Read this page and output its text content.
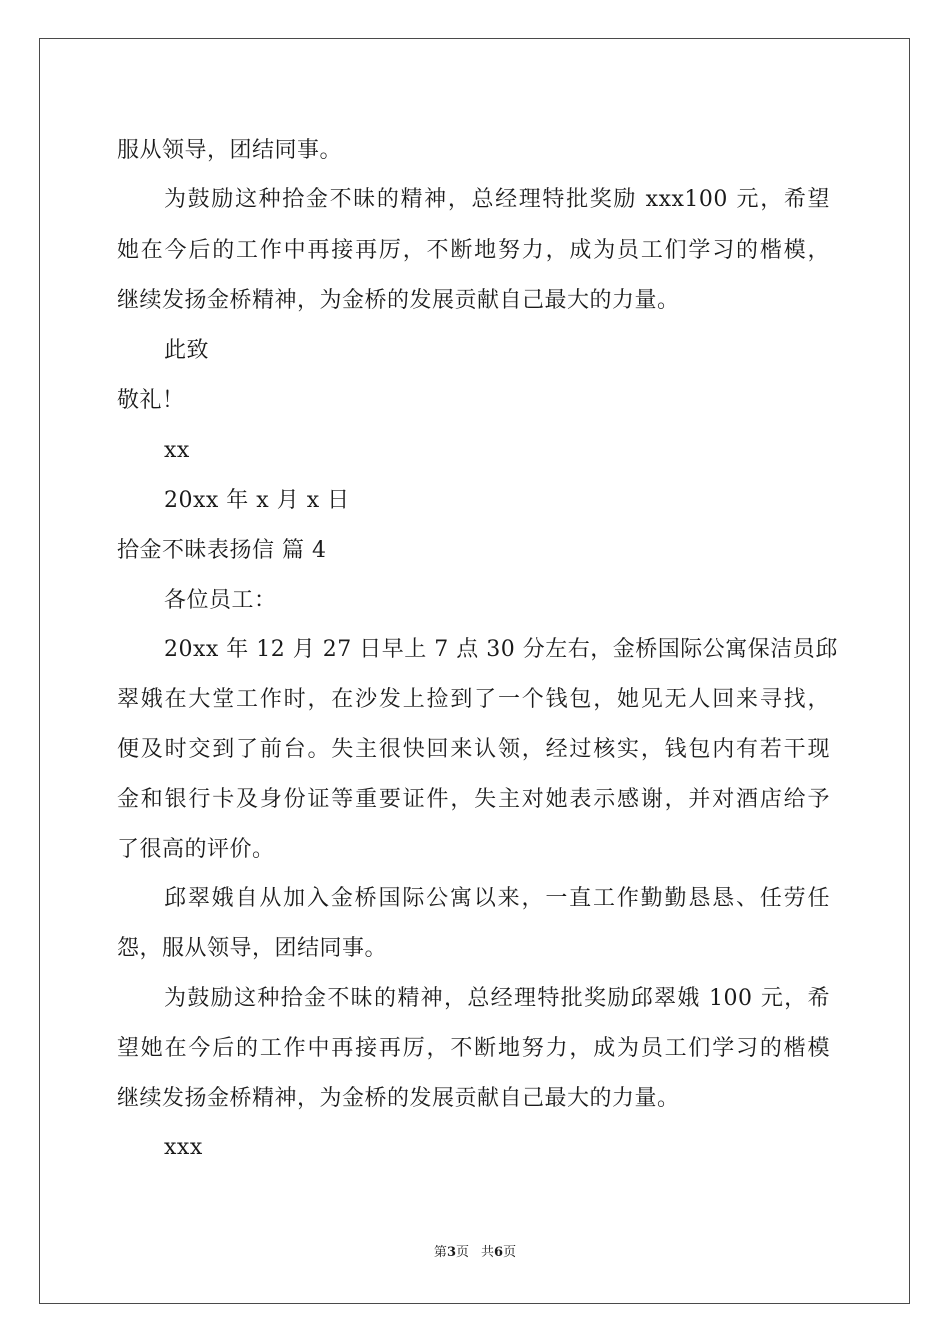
服从领导，团结同事。
为鼓励这种拾金不昧的精神，总经理特批奖励 xxx100 元，希望
她在今后的工作中再接再厉，不断地努力，成为员工们学习的楷模，
继续发扬金桥精神，为金桥的发展贡献自己最大的力量。
此致
敬礼！
xx
20xx 年 x 月 x 日
拾金不昧表扬信 篇 4
各位员工：
20xx 年 12 月 27 日早上 7 点 30 分左右，金桥国际公寓保洁员邱
翠娥在大堂工作时，在沙发上捡到了一个钱包，她见无人回来寻找，
便及时交到了前台。失主很快回来认领，经过核实，钱包内有若干现
金和银行卡及身份证等重要证件，失主对她表示感谢，并对酒店给予
了很高的评价。
邱翠娥自从加入金桥国际公寓以来，一直工作勤勤恳恳、任劳任
怨，服从领导，团结同事。
为鼓励这种拾金不昧的精神，总经理特批奖励邱翠娥 100 元，希
望她在今后的工作中再接再厉，不断地努力，成为员工们学习的楷模
继续发扬金桥精神，为金桥的发展贡献自己最大的力量。
xxx
第3页 共6页
